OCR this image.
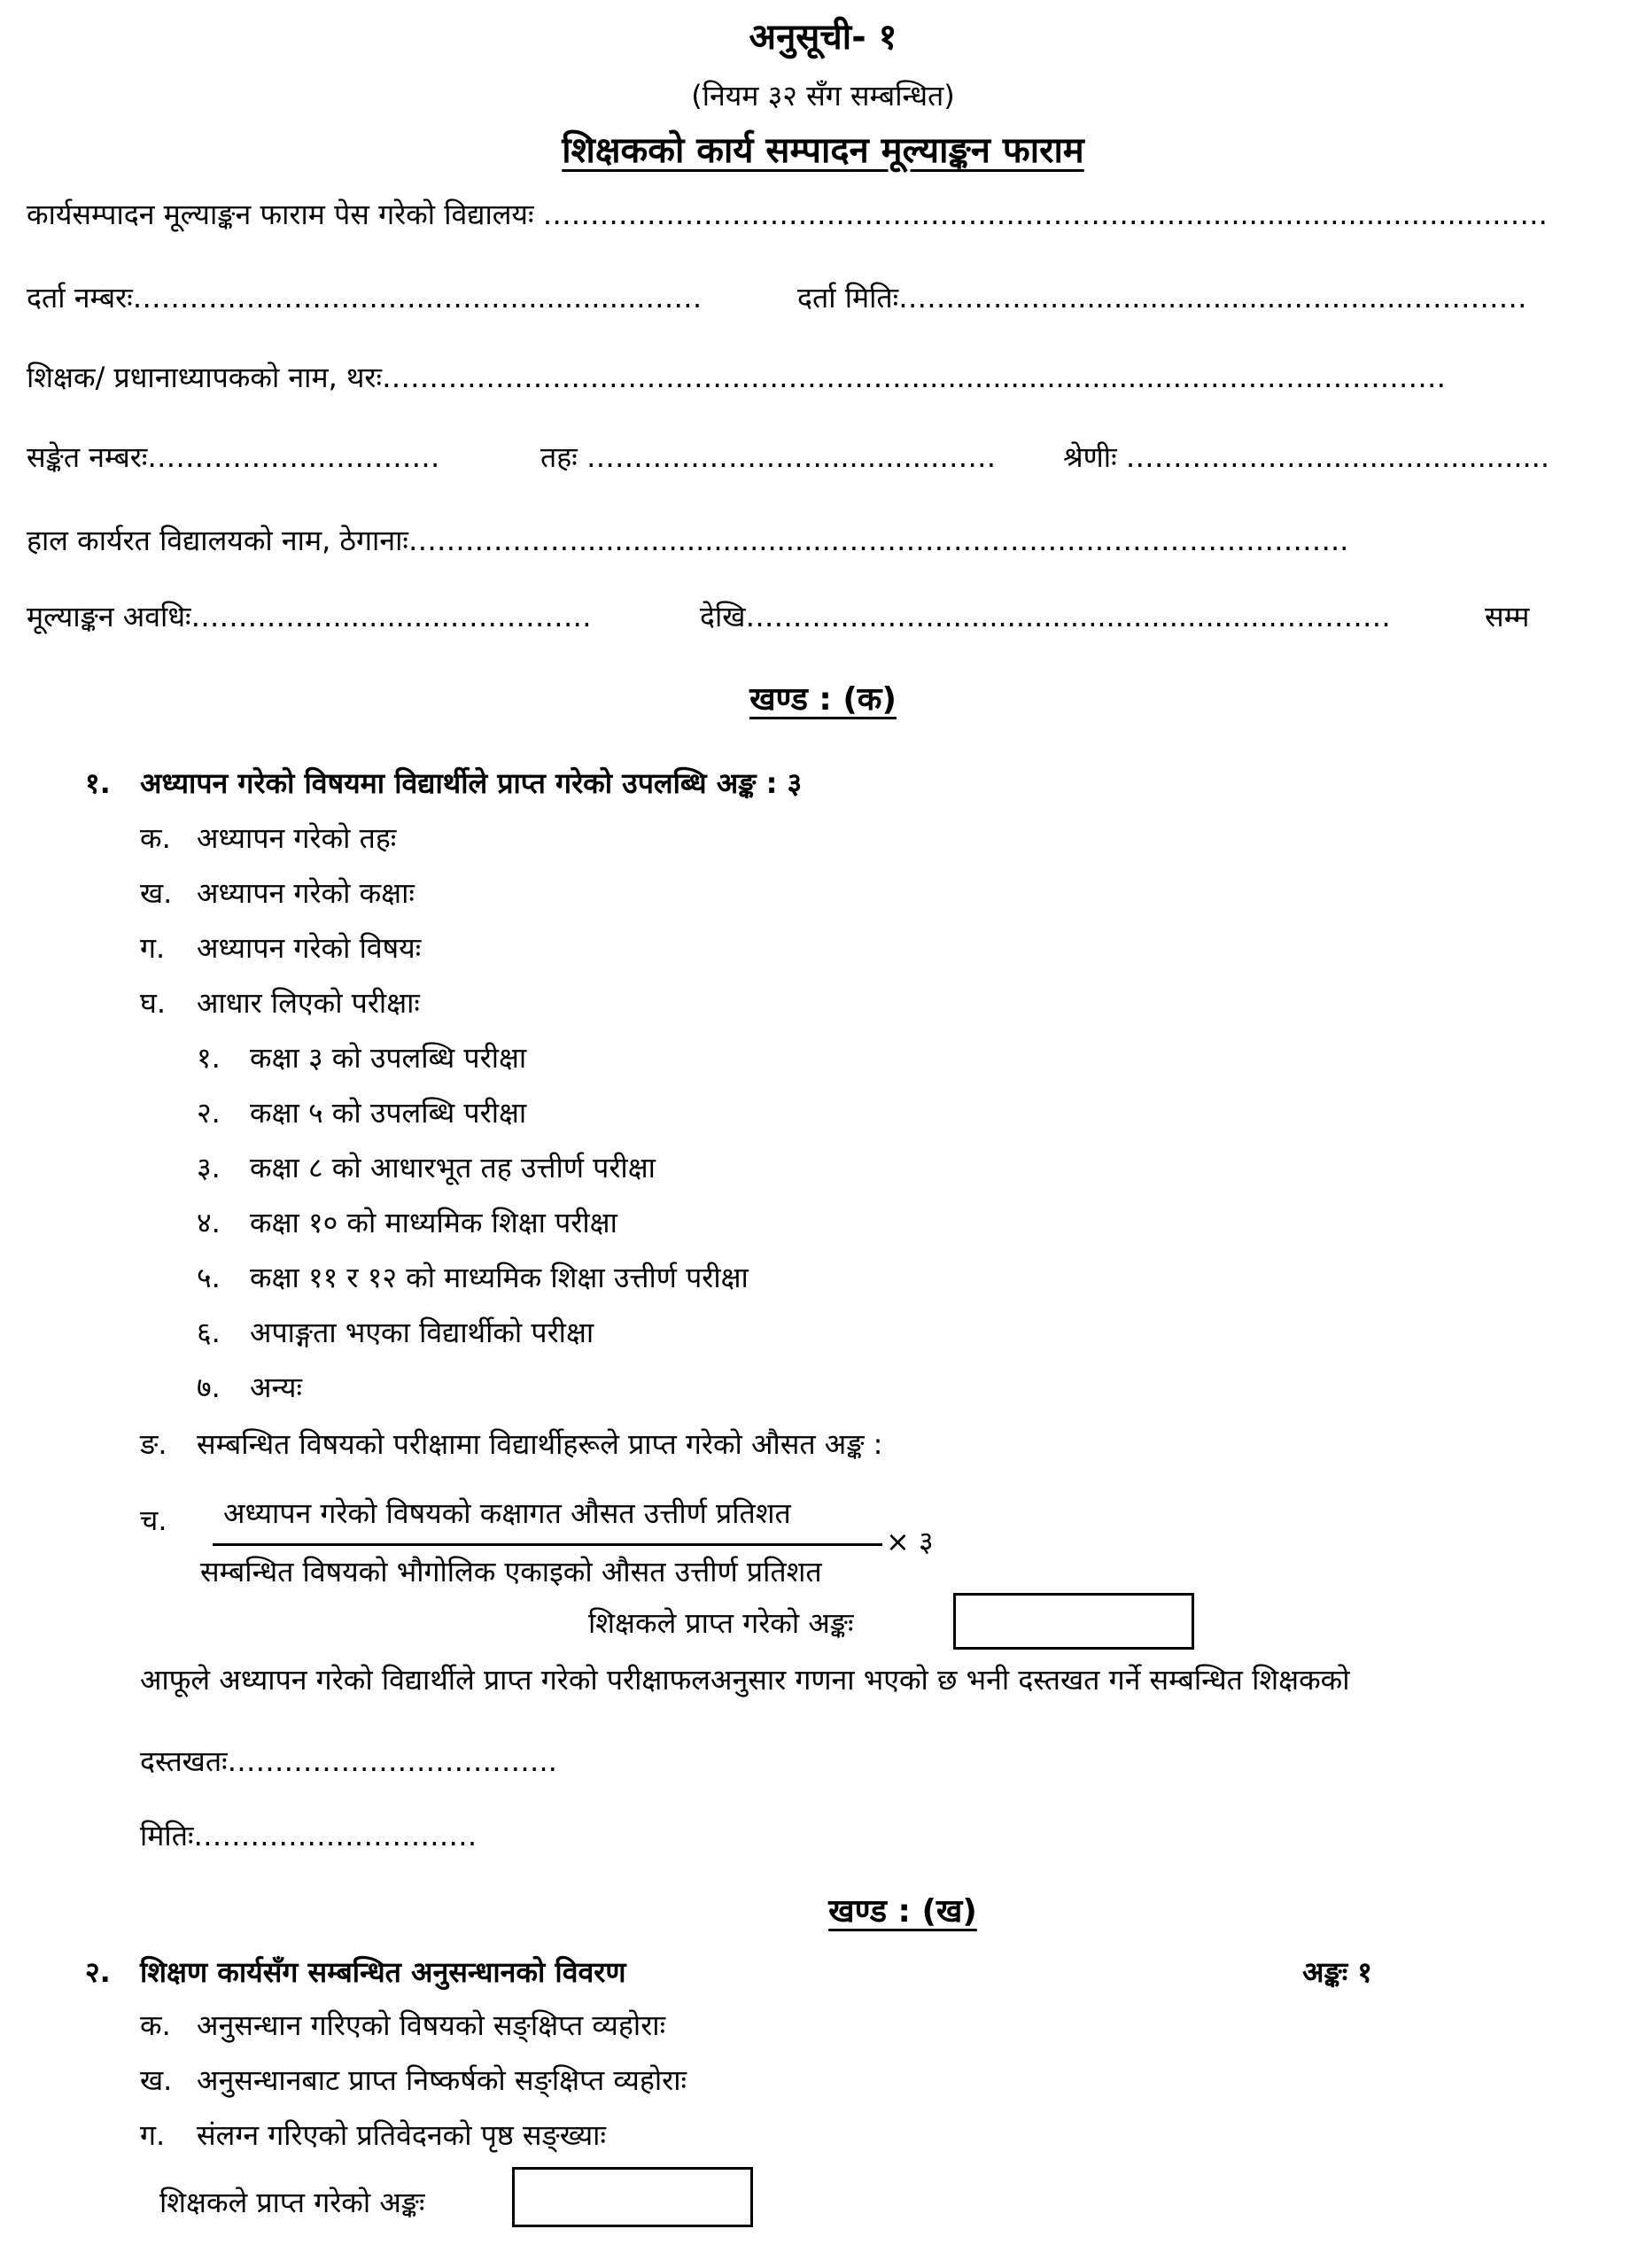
अनुसूची- १
(नियम ३२ सँग सम्बन्धित)
शिक्षकको कार्य सम्पादन मूल्याङ्कन फाराम
कार्यसम्पादन मूल्याङ्कन फाराम पेस गरेको विद्यालयः ……………………………………………………………...................................….
दर्ता नम्बरः…………………………..………..............……	दर्ता मितिः……………….........................….…......…………
शिक्षक/ प्रधानाध्यापकको नाम, थरः………………………………………………….............................………………….……
सङ्केत नम्बरः……………….…………	तहः ………………….….............…… श्रेणीः ………………….........................
हाल कार्यरत विद्यालयको नाम, ठेगानाः……………….............................……………………….……………………..
मूल्याङ्कन अवधिः…………….............……………	देखि………………….....................................…………	सम्म
खण्ड : (क)
१. अध्यापन गरेको विषयमा विद्यार्थीले प्राप्त गरेको उपलब्धि अङ्क : ३
क. अध्यापन गरेको तहः
ख. अध्यापन गरेको कक्षाः
ग. अध्यापन गरेको विषयः
घ. आधार लिएको परीक्षाः
१. कक्षा ३ को उपलब्धि परीक्षा
२. कक्षा ५ को उपलब्धि परीक्षा
३. कक्षा ८ को आधारभूत तह उत्तीर्ण परीक्षा
४. कक्षा १० को माध्यमिक शिक्षा परीक्षा
५. कक्षा ११ र १२ को माध्यमिक शिक्षा उत्तीर्ण परीक्षा
६. अपाङ्गता भएका विद्यार्थीको परीक्षा
७. अन्यः
ङ. सम्बन्धित विषयको परीक्षामा विद्यार्थीहरूले प्राप्त गरेको औसत अङ्क :
च. अध्यापन गरेको विषयको कक्षागत औसत उत्तीर्ण प्रतिशत
सम्बन्धित विषयको भौगोलिक एकाइको औसत उत्तीर्ण प्रतिशत
× ३
शिक्षकले प्राप्त गरेको अङ्कः
आफूले अध्यापन गरेको विद्यार्थीले प्राप्त गरेको परीक्षाफलअनुसार गणना भएको छ भनी दस्तखत गर्ने सम्बन्धित शिक्षकको
दस्तखतः……………………………..
मितिः…………………………
खण्ड : (ख)
२. शिक्षण कार्यसँग सम्बन्धित अनुसन्धानको विवरण	अङ्कः १
क. अनुसन्धान गरिएको विषयको सङ्क्षिप्त व्यहोराः
ख. अनुसन्धानबाट प्राप्त निष्कर्षको सङ्क्षिप्त व्यहोराः
ग. संलग्न गरिएको प्रतिवेदनको पृष्ठ सङ्ख्याः
शिक्षकले प्राप्त गरेको अङ्कः
